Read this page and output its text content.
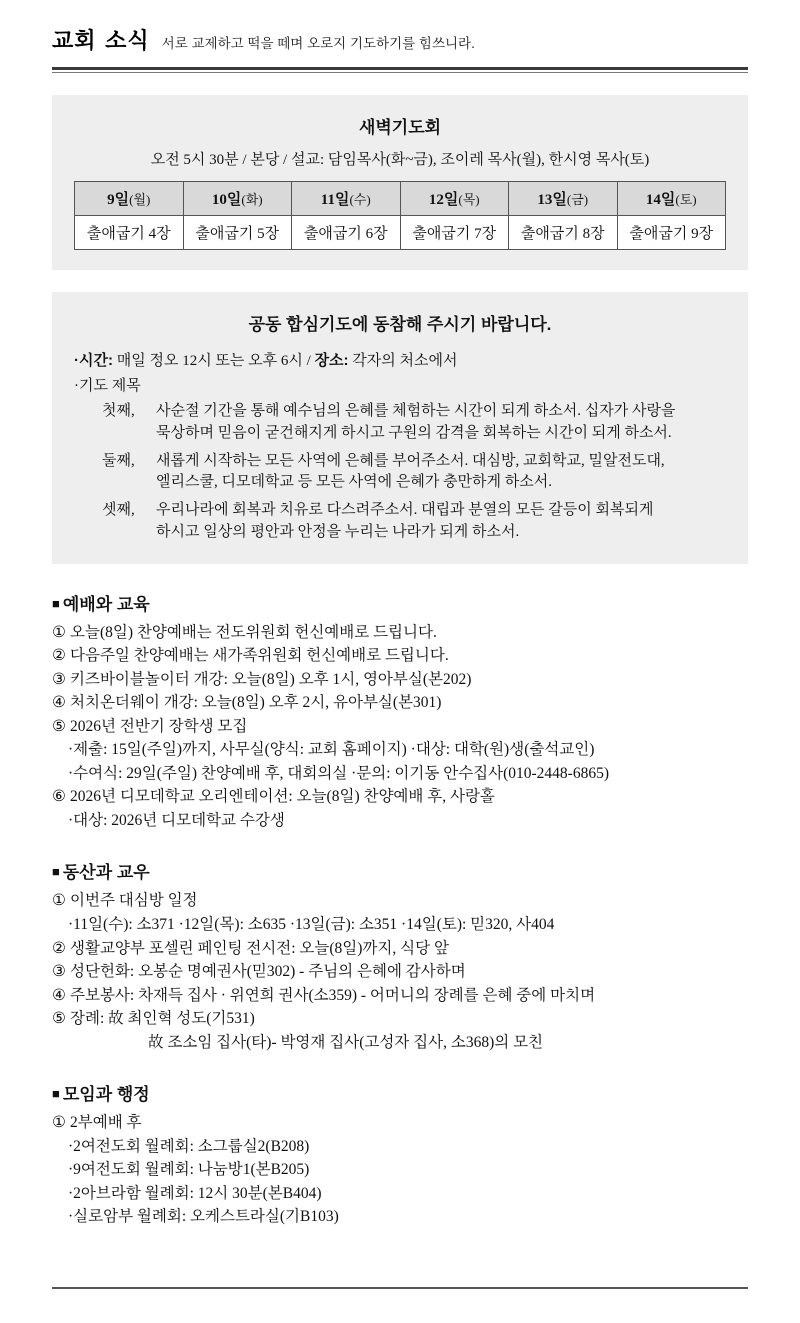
교회 소식 서로 교제하고 떡을 떼며 오로지 기도하기를 힘쓰니라.
새벽기도회
오전 5시 30분 / 본당 / 설교: 담임목사(화~금), 조이레 목사(월), 한시영 목사(토)
9일(월)	10일(화)	11일(수)	12일(목)	13일(금)	14일(토)
출애굽기 4장	출애굽기 5장	출애굽기 6장	출애굽기 7장	출애굽기 8장	출애굽기 9장
공동 합심기도에 동참해 주시기 바랍니다.
·시간: 매일 정오 12시 또는 오후 6시 / 장소: 각자의 처소에서
·기도 제목
첫째,	사순절 기간을 통해 예수님의 은혜를 체험하는 시간이 되게 하소서. 십자가 사랑을
묵상하며 믿음이 굳건해지게 하시고 구원의 감격을 회복하는 시간이 되게 하소서.
둘째,	새롭게 시작하는 모든 사역에 은혜를 부어주소서. 대심방, 교회학교, 밀알전도대,
엘리스쿨, 디모데학교 등 모든 사역에 은혜가 충만하게 하소서.
셋째,	우리나라에 회복과 치유로 다스려주소서. 대립과 분열의 모든 갈등이 회복되게
하시고 일상의 평안과 안정을 누리는 나라가 되게 하소서.
■ 예배와 교육
① 오늘(8일) 찬양예배는 전도위원회 헌신예배로 드립니다.
② 다음주일 찬양예배는 새가족위원회 헌신예배로 드립니다.
③ 키즈바이블놀이터 개강: 오늘(8일) 오후 1시, 영아부실(본202)
④ 처치온더웨이 개강: 오늘(8일) 오후 2시, 유아부실(본301)
⑤ 2026년 전반기 장학생 모집
·제출: 15일(주일)까지, 사무실(양식: 교회 홈페이지) ·대상: 대학(원)생(출석교인)
·수여식: 29일(주일) 찬양예배 후, 대회의실 ·문의: 이기동 안수집사(010-2448-6865)
⑥ 2026년 디모데학교 오리엔테이션: 오늘(8일) 찬양예배 후, 사랑홀
·대상: 2026년 디모데학교 수강생
■ 동산과 교우
① 이번주 대심방 일정
·11일(수): 소371 ·12일(목): 소635 ·13일(금): 소351 ·14일(토): 믿320, 사404
② 생활교양부 포셀린 페인팅 전시전: 오늘(8일)까지, 식당 앞
③ 성단헌화: 오봉순 명예권사(믿302) - 주님의 은혜에 감사하며
④ 주보봉사: 차재득 집사 · 위연희 권사(소359) - 어머니의 장례를 은혜 중에 마치며
⑤ 장례: 故 최인혁 성도(기531)
故 조소임 집사(타)- 박영재 집사(고성자 집사, 소368)의 모친
■ 모임과 행정
① 2부예배 후
·2여전도회 월례회: 소그룹실2(B208)
·9여전도회 월례회: 나눔방1(본B205)
·2아브라함 월례회: 12시 30분(본B404)
·실로암부 월례회: 오케스트라실(기B103)
